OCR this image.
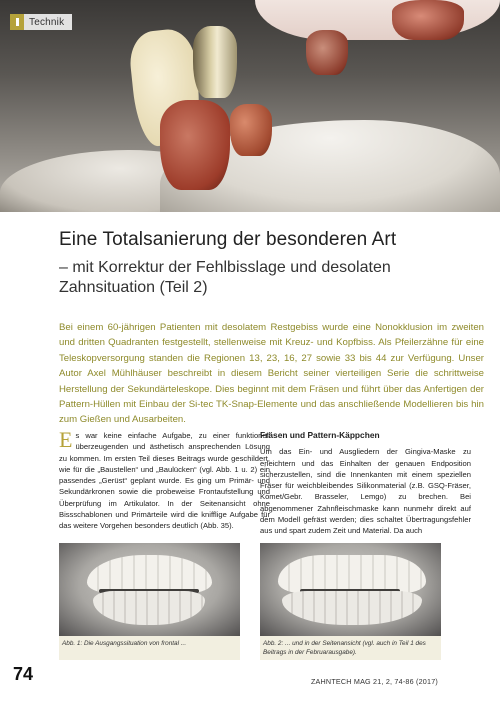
Technik
Eine Totalsanierung der besonderen Art

– mit Korrektur der Fehlbisslage und desolaten Zahnsituation (Teil 2)

Bei einem 60-jährigen Patienten mit desolatem Restgebiss wurde eine Nonokklusion im zweiten und dritten Quadranten festgestellt, stellenweise mit Kreuz- und Kopfbiss. Als Pfeilerzähne für eine Teleskopversorgung standen die Regionen 13, 23, 16, 27 sowie 33 bis 44 zur Verfügung. Unser Autor Axel Mühlhäuser beschreibt in diesem Bericht seiner vierteiligen Serie die schrittweise Herstellung der Sekundärteleskope. Dies beginnt mit dem Fräsen und führt über das Anfertigen der Pattern-Hüllen mit Einbau der Si-tec TK-Snap-Elemente und das anschließende Modellieren bis hin zum Gießen und Ausarbeiten.

E s war keine einfache Aufgabe, zu einer funktionell überzeugenden und ästhetisch ansprechenden Lösung zu kommen. Im ersten Teil dieses Beitrags wurde geschildert, wie für die „Baustellen“ und „Baulücken“ (vgl. Abb. 1 u. 2) ein passendes „Gerüst“ geplant wurde. Es ging um Primär- und Sekundärkronen sowie die probeweise Frontaufstellung und Überprüfung im Artikulator. In der Seitenansicht ohne Bissschablonen und Primärteile wird die knifflige Aufgabe für das weitere Vorgehen besonders deutlich (Abb. 35).
Fräsen und Pattern-Käppchen
Um das Ein- und Ausgliedern der Gingiva-Maske zu erleichtern und das Einhalten der genauen Endposition sicherzustellen, sind die Innenkanten mit einem speziellen Fräser für weichbleibendes Silikonmaterial (z.B. GSQ-Fräser, Komet/Gebr. Brasseler, Lemgo) zu brechen. Bei abgenommener Zahnfleischmaske kann nunmehr direkt auf dem Modell gefräst werden; dies schaltet Übertragungsfehler aus und spart zudem Zeit und Material. Da auch
Abb. 1: Die Ausgangssituation von frontal ...	Abb. 2: ... und in der Seitenansicht (vgl. auch in Teil 1 des Beitrags in der Februarausgabe).
74	ZAHNTECH MAG 21, 2, 74-86 (2017)
